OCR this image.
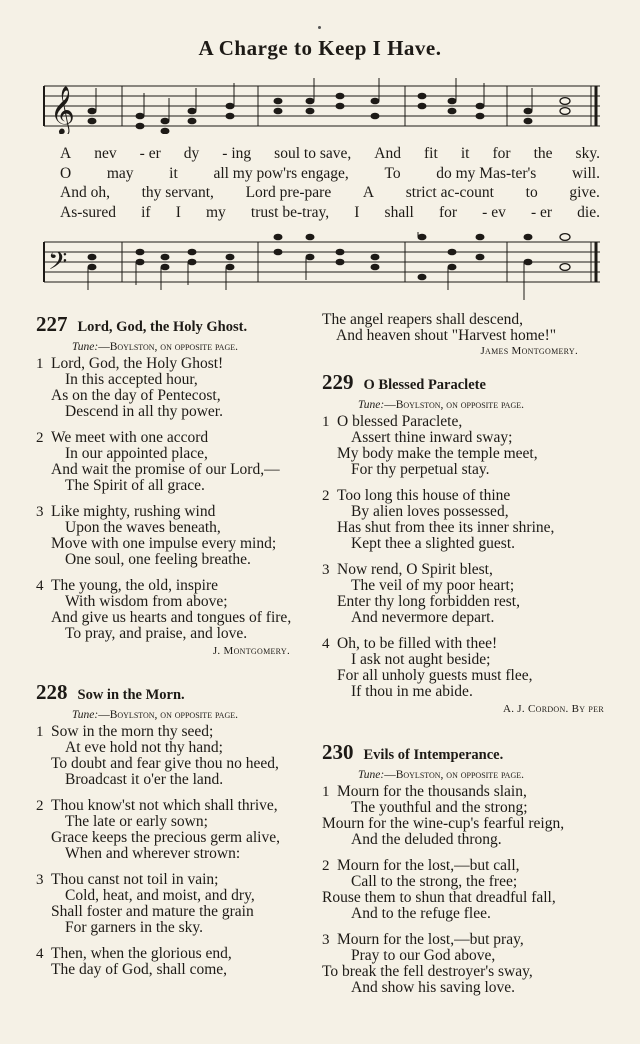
A Charge to Keep I Have.
𝄞
A nev - er dy - ing soul to save, And fit it for the sky.
O may it all my pow'rs engage, To do my Mas-ter's will.
And oh, thy servant, Lord pre-pare A strict ac-count to give.
As-sured if I my trust be-tray, I shall for - ev - er die.
𝄢
227 Lord, God, the Holy Ghost.
Tune:—Boylston, on opposite page.
1 Lord, God, the Holy Ghost!
In this accepted hour,
As on the day of Pentecost,
Descend in all thy power.
2 We meet with one accord
In our appointed place,
And wait the promise of our Lord,—
The Spirit of all grace.
3 Like mighty, rushing wind
Upon the waves beneath,
Move with one impulse every mind;
One soul, one feeling breathe.
4 The young, the old, inspire
With wisdom from above;
And give us hearts and tongues of fire,
To pray, and praise, and love.
J. Montgomery.
228 Sow in the Morn.
Tune:—Boylston, on opposite page.
1 Sow in the morn thy seed;
At eve hold not thy hand;
To doubt and fear give thou no heed,
Broadcast it o'er the land.
2 Thou know'st not which shall thrive,
The late or early sown;
Grace keeps the precious germ alive,
When and wherever strown:
3 Thou canst not toil in vain;
Cold, heat, and moist, and dry,
Shall foster and mature the grain
For garners in the sky.
4 Then, when the glorious end,
The day of God, shall come,
The angel reapers shall descend,
And heaven shout "Harvest home!"
James Montgomery.
229 O Blessed Paraclete
Tune:—Boylston, on opposite page.
1 O blessed Paraclete,
Assert thine inward sway;
My body make the temple meet,
For thy perpetual stay.
2 Too long this house of thine
By alien loves possessed,
Has shut from thee its inner shrine,
Kept thee a slighted guest.
3 Now rend, O Spirit blest,
The veil of my poor heart;
Enter thy long forbidden rest,
And nevermore depart.
4 Oh, to be filled with thee!
I ask not aught beside;
For all unholy guests must flee,
If thou in me abide.
A. J. Cordon. By per
230 Evils of Intemperance.
Tune:—Boylston, on opposite page.
1 Mourn for the thousands slain,
The youthful and the strong;
Mourn for the wine-cup's fearful reign,
And the deluded throng.
2 Mourn for the lost,—but call,
Call to the strong, the free;
Rouse them to shun that dreadful fall,
And to the refuge flee.
3 Mourn for the lost,—but pray,
Pray to our God above,
To break the fell destroyer's sway,
And show his saving love.
